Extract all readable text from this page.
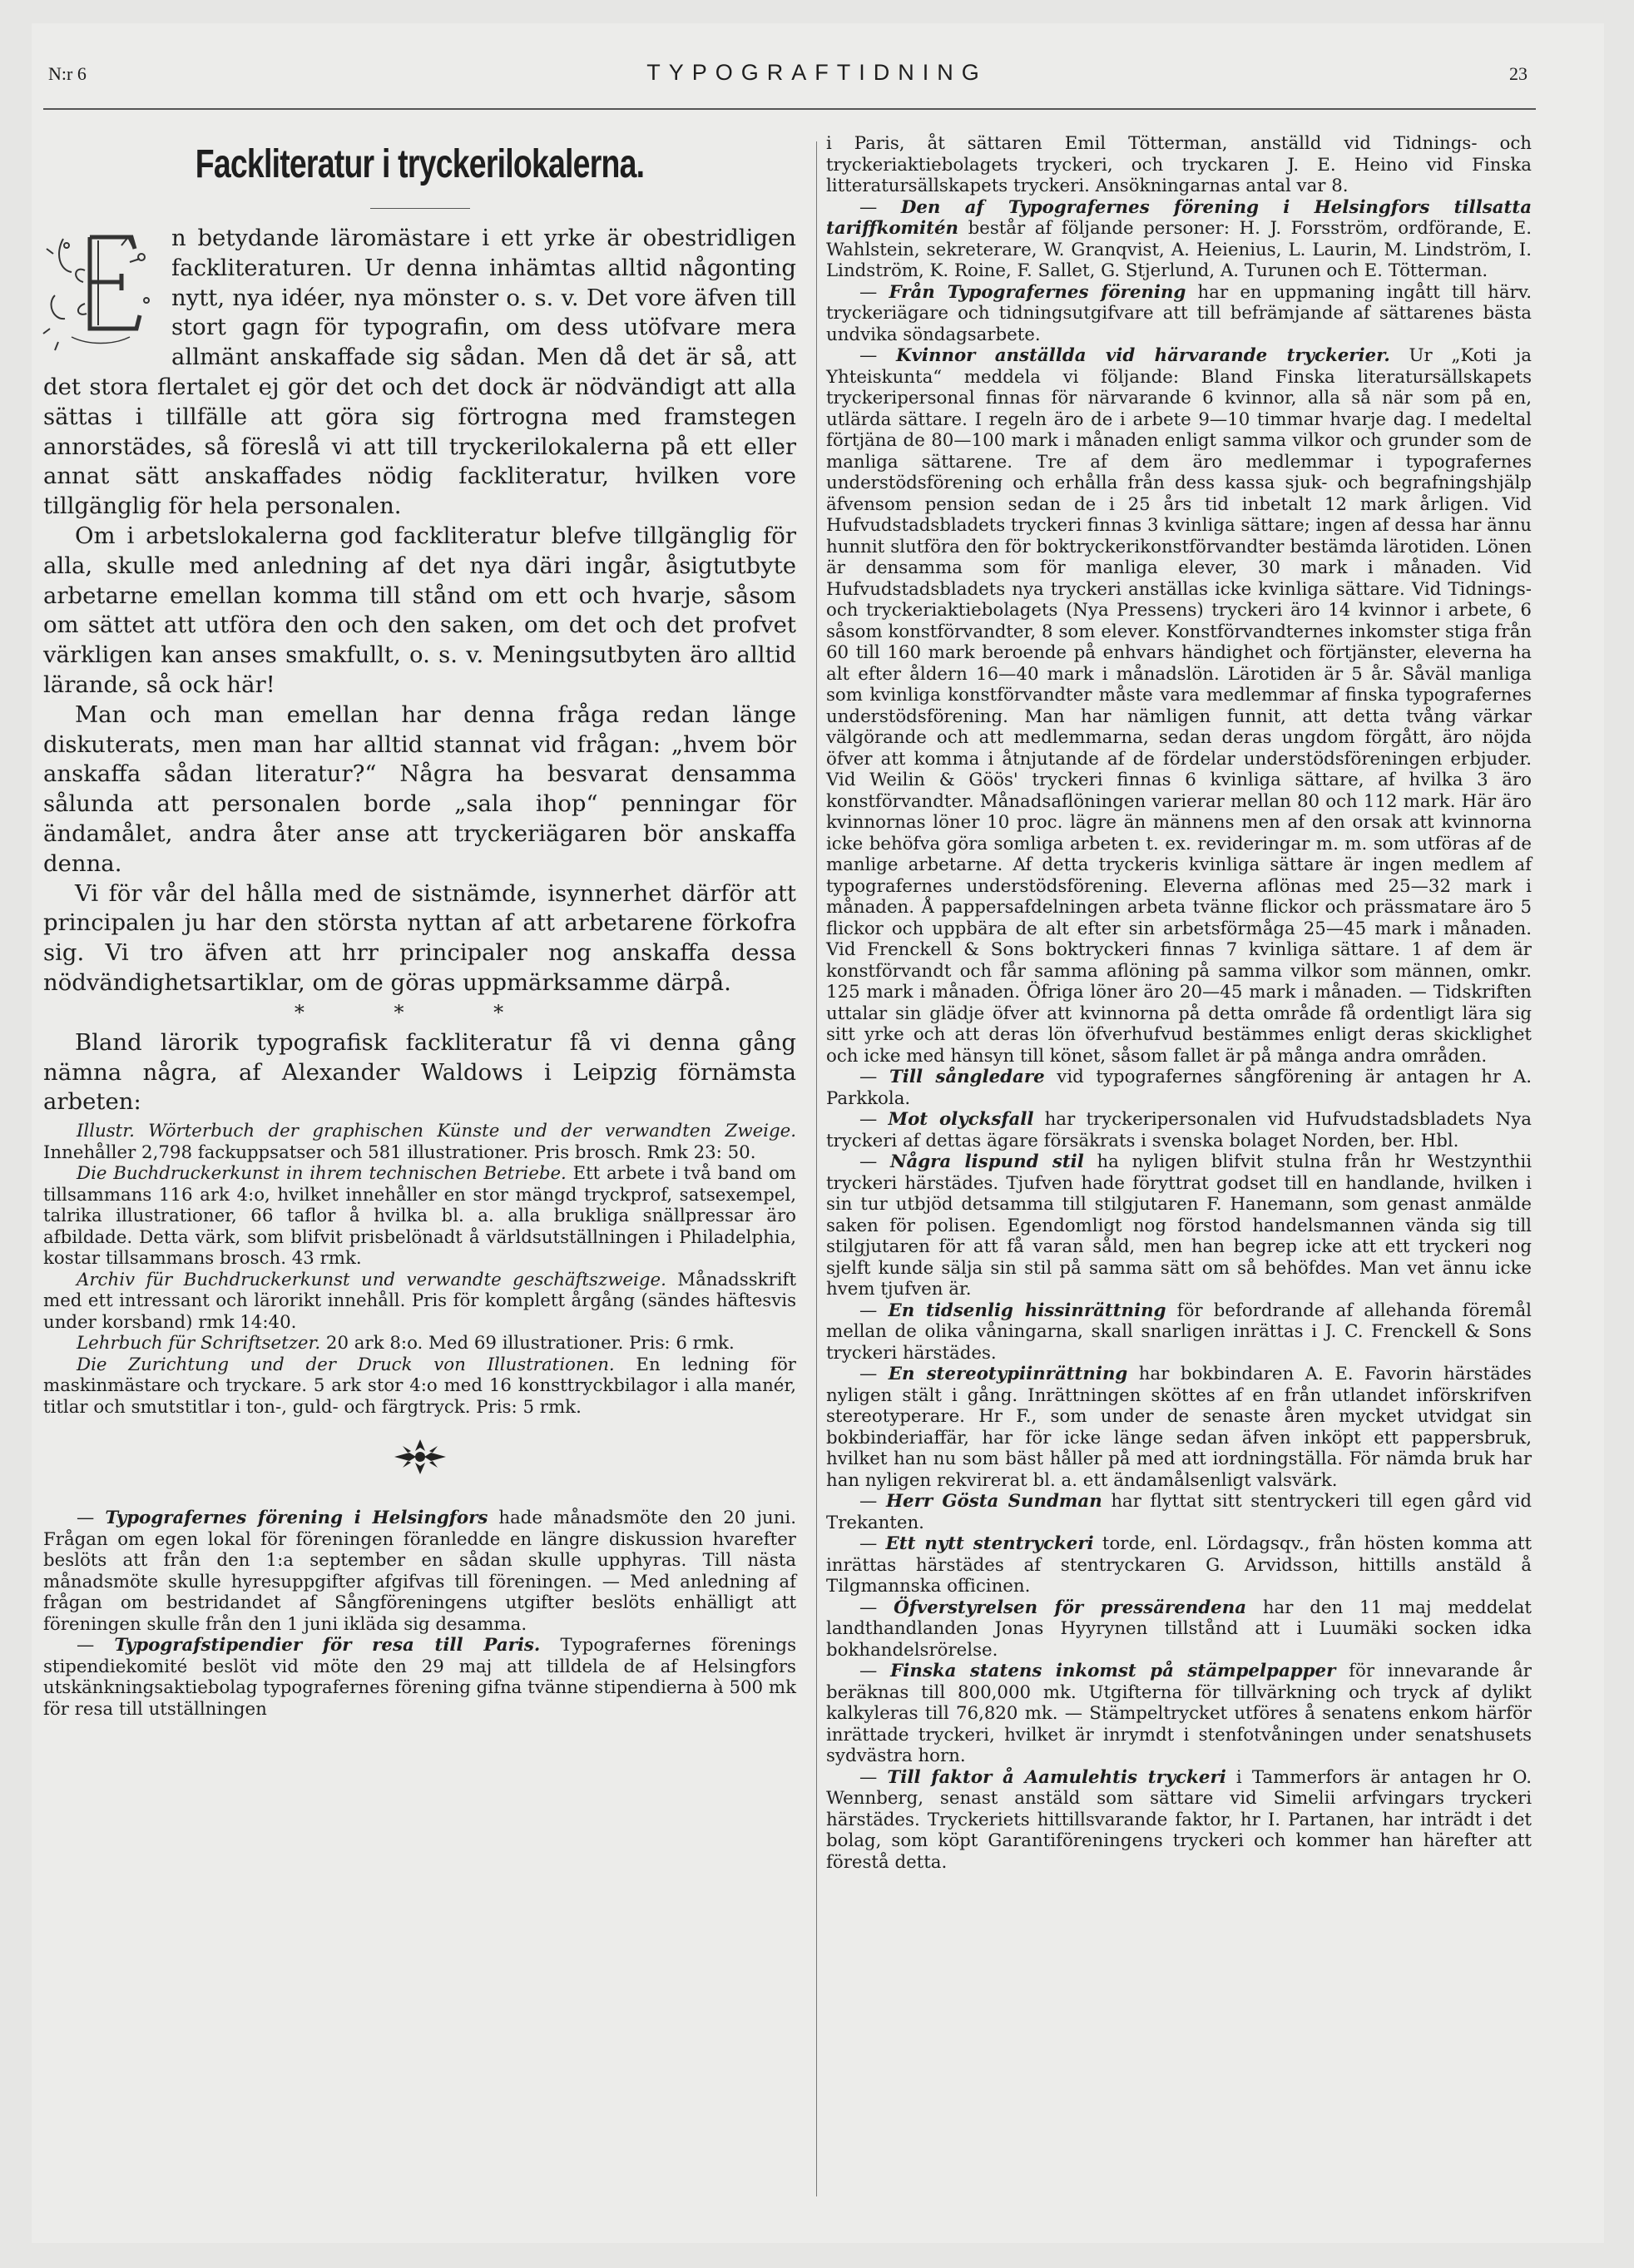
N:r 6	TYPOGRAFTIDNING	23
Fackliteratur i tryckerilokalerna.

n betydande läromästare i ett yrke är obestridligen fackliteraturen. Ur denna inhämtas alltid någonting nytt, nya idéer, nya mönster o. s. v. Det vore äfven till stort gagn för typografin, om dess utöfvare mera allmänt anskaffade sig sådan. Men då det är så, att det stora flertalet ej gör det och det dock är nödvändigt att alla sättas i tillfälle att göra sig förtrogna med framstegen annorstädes, så föreslå vi att till tryckerilokalerna på ett eller annat sätt anskaffades nödig fackliteratur, hvilken vore tillgänglig för hela personalen.

Om i arbetslokalerna god fackliteratur blefve tillgänglig för alla, skulle med anledning af det nya däri ingår, åsigtutbyte arbetarne emellan komma till stånd om ett och hvarje, såsom om sättet att utföra den och den saken, om det och det profvet värkligen kan anses smakfullt, o. s. v. Meningsutbyten äro alltid lärande, så ock här!

Man och man emellan har denna fråga redan länge diskuterats, men man har alltid stannat vid frågan: „hvem bör anskaffa sådan literatur?“ Några ha besvarat densamma sålunda att personalen borde „sala ihop“ penningar för ändamålet, andra åter anse att tryckeriägaren bör anskaffa denna.

Vi för vår del hålla med de sistnämde, isynnerhet därför att principalen ju har den största nyttan af att arbetarene förkofra sig. Vi tro äfven att hrr principaler nog anskaffa dessa nödvändighetsartiklar, om de göras uppmärksamme därpå.

* * *

Bland lärorik typografisk fackliteratur få vi denna gång nämna några, af Alexander Waldows i Leipzig förnämsta arbeten:

Illustr. Wörterbuch der graphischen Künste und der verwandten Zweige. Innehåller 2,798 fackuppsatser och 581 illustrationer. Pris brosch. Rmk 23: 50.

Die Buchdruckerkunst in ihrem technischen Betriebe. Ett arbete i två band om tillsammans 116 ark 4:o, hvilket innehåller en stor mängd tryckprof, satsexempel, talrika illustrationer, 66 taflor å hvilka bl. a. alla brukliga snällpressar äro afbildade. Detta värk, som blifvit prisbelönadt å världsutställningen i Philadelphia, kostar tillsammans brosch. 43 rmk.

Archiv für Buchdruckerkunst und verwandte geschäftszweige. Månadsskrift med ett intressant och lärorikt innehåll. Pris för komplett årgång (sändes häftesvis under korsband) rmk 14:40.

Lehrbuch für Schriftsetzer. 20 ark 8:o. Med 69 illustrationer. Pris: 6 rmk.

Die Zurichtung und der Druck von Illustrationen. En ledning för maskinmästare och tryckare. 5 ark stor 4:o med 16 konsttryckbilagor i alla manér, titlar och smutstitlar i ton-, guld- och färgtryck. Pris: 5 rmk.

— Typografernes förening i Helsingfors hade månadsmöte den 20 juni. Frågan om egen lokal för föreningen föranledde en längre diskussion hvarefter beslöts att från den 1:a september en sådan skulle upphyras. Till nästa månadsmöte skulle hyresuppgifter afgifvas till föreningen. — Med anledning af frågan om bestridandet af Sångföreningens utgifter beslöts enhälligt att föreningen skulle från den 1 juni ikläda sig desamma.

— Typografstipendier för resa till Paris. Typografernes förenings stipendiekomité beslöt vid möte den 29 maj att tilldela de af Helsingfors utskänkningsaktiebolag typografernes förening gifna tvänne stipendierna à 500 mk för resa till utställningen

i Paris, åt sättaren Emil Tötterman, anställd vid Tidnings- och tryckeriaktiebolagets tryckeri, och tryckaren J. E. Heino vid Finska litteratursällskapets tryckeri. Ansökningarnas antal var 8.

— Den af Typografernes förening i Helsingfors tillsatta tariffkomitén består af följande personer: H. J. Forsström, ordförande, E. Wahlstein, sekreterare, W. Granqvist, A. Heienius, L. Laurin, M. Lindström, I. Lindström, K. Roine, F. Sallet, G. Stjerlund, A. Turunen och E. Tötterman.

— Från Typografernes förening har en uppmaning ingått till härv. tryckeriägare och tidningsutgifvare att till befrämjande af sättarenes bästa undvika söndagsarbete.

— Kvinnor anställda vid härvarande tryckerier. Ur „Koti ja Yhteiskunta“ meddela vi följande: Bland Finska literatursällskapets tryckeripersonal finnas för närvarande 6 kvinnor, alla så när som på en, utlärda sättare. I regeln äro de i arbete 9—10 timmar hvarje dag. I medeltal förtjäna de 80—100 mark i månaden enligt samma vilkor och grunder som de manliga sättarene. Tre af dem äro medlemmar i typografernes understödsförening och erhålla från dess kassa sjuk- och begrafningshjälp äfvensom pension sedan de i 25 års tid inbetalt 12 mark årligen. Vid Hufvudstadsbladets tryckeri finnas 3 kvinliga sättare; ingen af dessa har ännu hunnit slutföra den för boktryckerikonstförvandter bestämda lärotiden. Lönen är densamma som för manliga elever, 30 mark i månaden. Vid Hufvudstadsbladets nya tryckeri anställas icke kvinliga sättare. Vid Tidnings- och tryckeriaktiebolagets (Nya Pressens) tryckeri äro 14 kvinnor i arbete, 6 såsom konstförvandter, 8 som elever. Konstförvandternes inkomster stiga från 60 till 160 mark beroende på enhvars händighet och förtjänster, eleverna ha alt efter åldern 16—40 mark i månadslön. Lärotiden är 5 år. Såväl manliga som kvinliga konstförvandter måste vara medlemmar af finska typografernes understödsförening. Man har nämligen funnit, att detta tvång värkar välgörande och att medlemmarna, sedan deras ungdom förgått, äro nöjda öfver att komma i åtnjutande af de fördelar understödsföreningen erbjuder. Vid Weilin & Göös' tryckeri finnas 6 kvinliga sättare, af hvilka 3 äro konstförvandter. Månadsaflöningen varierar mellan 80 och 112 mark. Här äro kvinnornas löner 10 proc. lägre än männens men af den orsak att kvinnorna icke behöfva göra somliga arbeten t. ex. revideringar m. m. som utföras af de manlige arbetarne. Af detta tryckeris kvinliga sättare är ingen medlem af typografernes understödsförening. Eleverna aflönas med 25—32 mark i månaden. Å pappersafdelningen arbeta tvänne flickor och prässmatare äro 5 flickor och uppbära de alt efter sin arbetsförmåga 25—45 mark i månaden. Vid Frenckell & Sons boktryckeri finnas 7 kvinliga sättare. 1 af dem är konstförvandt och får samma aflöning på samma vilkor som männen, omkr. 125 mark i månaden. Öfriga löner äro 20—45 mark i månaden. — Tidskriften uttalar sin glädje öfver att kvinnorna på detta område få ordentligt lära sig sitt yrke och att deras lön öfverhufvud bestämmes enligt deras skicklighet och icke med hänsyn till könet, såsom fallet är på många andra områden.

— Till sångledare vid typografernes sångförening är antagen hr A. Parkkola.

— Mot olycksfall har tryckeripersonalen vid Hufvudstadsbladets Nya tryckeri af dettas ägare försäkrats i svenska bolaget Norden, ber. Hbl.

— Några lispund stil ha nyligen blifvit stulna från hr Westzynthii tryckeri härstädes. Tjufven hade föryttrat godset till en handlande, hvilken i sin tur utbjöd detsamma till stilgjutaren F. Hanemann, som genast anmälde saken för polisen. Egendomligt nog förstod handelsmannen vända sig till stilgjutaren för att få varan såld, men han begrep icke att ett tryckeri nog sjelft kunde sälja sin stil på samma sätt om så behöfdes. Man vet ännu icke hvem tjufven är.

— En tidsenlig hissinrättning för befordrande af allehanda föremål mellan de olika våningarna, skall snarligen inrättas i J. C. Frenckell & Sons tryckeri härstädes.

— En stereotypiinrättning har bokbindaren A. E. Favorin härstädes nyligen stält i gång. Inrättningen sköttes af en från utlandet införskrifven stereotyperare. Hr F., som under de senaste åren mycket utvidgat sin bokbinderiaffär, har för icke länge sedan äfven inköpt ett pappersbruk, hvilket han nu som bäst håller på med att iordningställa. För nämda bruk har han nyligen rekvirerat bl. a. ett ändamålsenligt valsvärk.

— Herr Gösta Sundman har flyttat sitt stentryckeri till egen gård vid Trekanten.

— Ett nytt stentryckeri torde, enl. Lördagsqv., från hösten komma att inrättas härstädes af stentryckaren G. Arvidsson, hittills anstäld å Tilgmannska officinen.

— Öfverstyrelsen för pressärendena har den 11 maj meddelat landthandlanden Jonas Hyyrynen tillstånd att i Luumäki socken idka bokhandelsrörelse.

— Finska statens inkomst på stämpelpapper för innevarande år beräknas till 800,000 mk. Utgifterna för tillvärkning och tryck af dylikt kalkyleras till 76,820 mk. — Stämpeltrycket utföres å senatens enkom härför inrättade tryckeri, hvilket är inrymdt i stenfotvåningen under senatshusets sydvästra horn.

— Till faktor å Aamulehtis tryckeri i Tammerfors är antagen hr O. Wennberg, senast anstäld som sättare vid Simelii arfvingars tryckeri härstädes. Tryckeriets hittillsvarande faktor, hr I. Partanen, har inträdt i det bolag, som köpt Garantiföreningens tryckeri och kommer han härefter att förestå detta.
